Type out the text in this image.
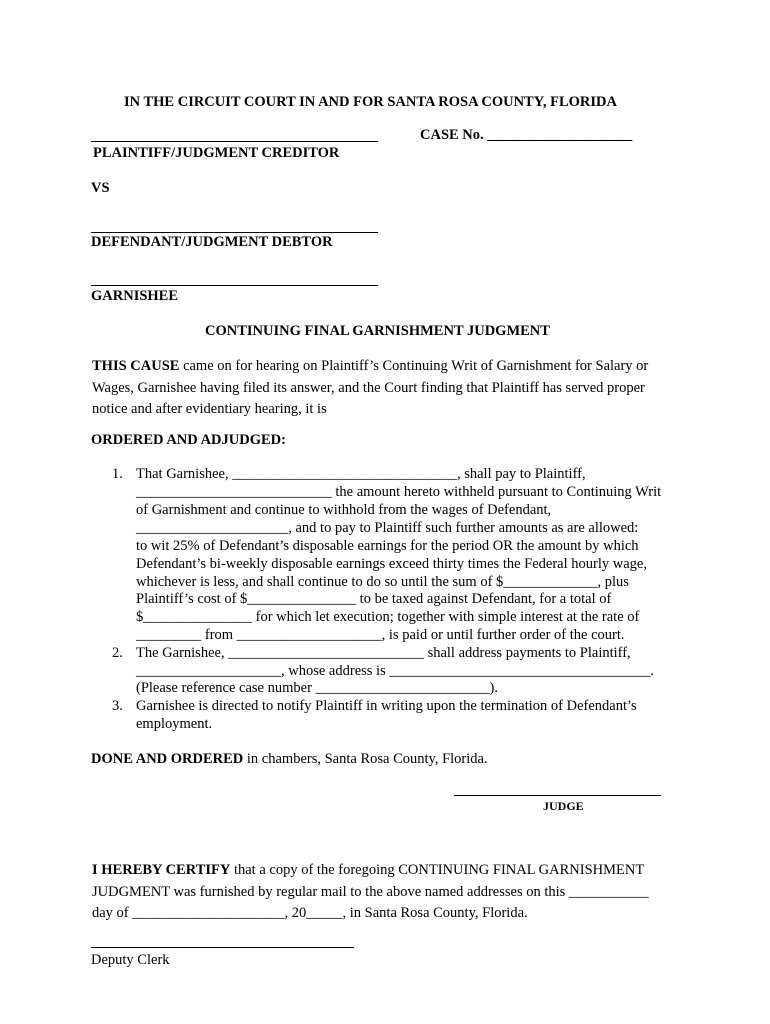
IN THE CIRCUIT COURT IN AND FOR SANTA ROSA COUNTY, FLORIDA
CASE No. ____________________
PLAINTIFF/JUDGMENT CREDITOR
VS
DEFENDANT/JUDGMENT DEBTOR
GARNISHEE
CONTINUING FINAL GARNISHMENT JUDGMENT
THIS CAUSE came on for hearing on Plaintiff’s Continuing Writ of Garnishment for Salary or
Wages, Garnishee having filed its answer, and the Court finding that Plaintiff has served proper
notice and after evidentiary hearing, it is
ORDERED AND ADJUDGED:
1. That Garnishee, _______________________________, shall pay to Plaintiff,
___________________________ the amount hereto withheld pursuant to Continuing Writ
of Garnishment and continue to withhold from the wages of Defendant,
_____________________, and to pay to Plaintiff such further amounts as are allowed:
to wit 25% of Defendant’s disposable earnings for the period OR the amount by which
Defendant’s bi-weekly disposable earnings exceed thirty times the Federal hourly wage,
whichever is less, and shall continue to do so until the sum of $_____________, plus
Plaintiff’s cost of $_______________ to be taxed against Defendant, for a total of
$_______________ for which let execution; together with simple interest at the rate of
_________ from ____________________, is paid or until further order of the court.
2. The Garnishee, ___________________________ shall address payments to Plaintiff,
____________________, whose address is ____________________________________.
(Please reference case number ________________________).
3. Garnishee is directed to notify Plaintiff in writing upon the termination of Defendant’s
employment.
DONE AND ORDERED in chambers, Santa Rosa County, Florida.
JUDGE
I HEREBY CERTIFY that a copy of the foregoing CONTINUING FINAL GARNISHMENT
JUDGMENT was furnished by regular mail to the above named addresses on this ___________
day of _____________________, 20_____, in Santa Rosa County, Florida.
Deputy Clerk
